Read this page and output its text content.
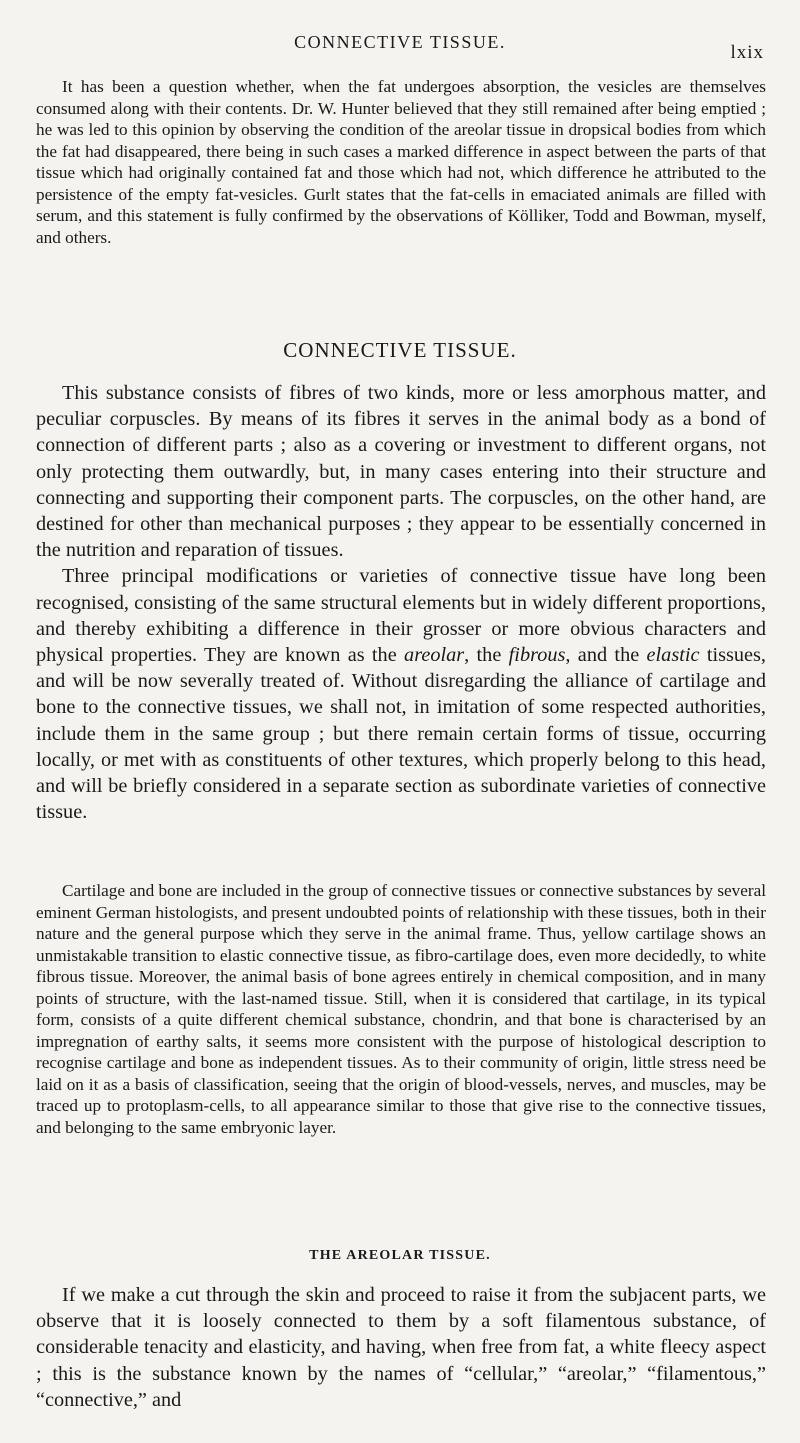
CONNECTIVE TISSUE.	lxix

It has been a question whether, when the fat undergoes absorption, the vesicles are themselves consumed along with their contents. Dr. W. Hunter believed that they still remained after being emptied ; he was led to this opinion by observing the condition of the areolar tissue in dropsical bodies from which the fat had disappeared, there being in such cases a marked difference in aspect between the parts of that tissue which had originally contained fat and those which had not, which difference he attributed to the persistence of the empty fat-vesicles. Gurlt states that the fat-cells in emaciated animals are filled with serum, and this statement is fully confirmed by the observations of Kölliker, Todd and Bowman, myself, and others.

CONNECTIVE TISSUE.

This substance consists of fibres of two kinds, more or less amorphous matter, and peculiar corpuscles. By means of its fibres it serves in the animal body as a bond of connection of different parts ; also as a covering or investment to different organs, not only protecting them outwardly, but, in many cases entering into their structure and connecting and supporting their component parts. The corpuscles, on the other hand, are destined for other than mechanical purposes ; they appear to be essentially concerned in the nutrition and reparation of tissues.

Three principal modifications or varieties of connective tissue have long been recognised, consisting of the same structural elements but in widely different proportions, and thereby exhibiting a difference in their grosser or more obvious characters and physical properties. They are known as the areolar, the fibrous, and the elastic tissues, and will be now severally treated of. Without disregarding the alliance of cartilage and bone to the connective tissues, we shall not, in imitation of some respected authorities, include them in the same group ; but there remain certain forms of tissue, occurring locally, or met with as constituents of other textures, which properly belong to this head, and will be briefly considered in a separate section as subordinate varieties of connective tissue.

Cartilage and bone are included in the group of connective tissues or connective substances by several eminent German histologists, and present undoubted points of relationship with these tissues, both in their nature and the general purpose which they serve in the animal frame. Thus, yellow cartilage shows an unmistakable transition to elastic connective tissue, as fibro-cartilage does, even more decidedly, to white fibrous tissue. Moreover, the animal basis of bone agrees entirely in chemical composition, and in many points of structure, with the last-named tissue. Still, when it is considered that cartilage, in its typical form, consists of a quite different chemical substance, chondrin, and that bone is characterised by an impregnation of earthy salts, it seems more consistent with the purpose of histological description to recognise cartilage and bone as independent tissues. As to their community of origin, little stress need be laid on it as a basis of classification, seeing that the origin of blood-vessels, nerves, and muscles, may be traced up to protoplasm-cells, to all appearance similar to those that give rise to the connective tissues, and belonging to the same embryonic layer.

THE AREOLAR TISSUE.

If we make a cut through the skin and proceed to raise it from the subjacent parts, we observe that it is loosely connected to them by a soft filamentous substance, of considerable tenacity and elasticity, and having, when free from fat, a white fleecy aspect ; this is the substance known by the names of “cellular,” “areolar,” “filamentous,” “connective,” and
